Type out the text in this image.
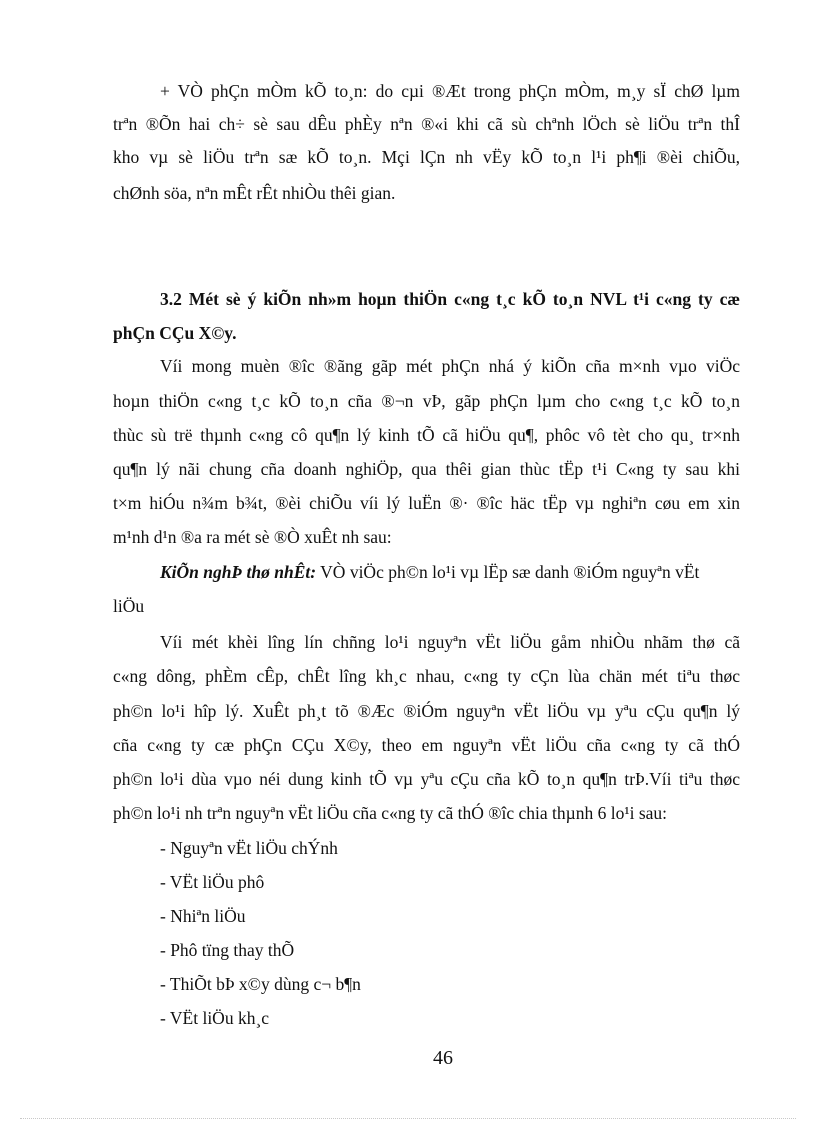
+ VÒ phÇn mÒm kÕ to¸n: do cµi ®Æt trong phÇn mÒm, m¸y sÏ chØ lµm
trªn ®Õn hai ch÷ sè sau dÊu phÈy nªn ®«i khi cã sù chªnh lÖch sè liÖu trªn thÎ
kho vµ sè liÖu trªn sæ kÕ to¸n. Mçi lÇn nh vËy kÕ to¸n l¹i ph¶i ®èi chiÕu,
chØnh söa, nªn mÊt rÊt nhiÒu thêi gian.
3.2 Mét sè ý kiÕn nh»m hoµn thiÖn c«ng t¸c kÕ to¸n NVL t¹i c«ng ty cæ
phÇn CÇu X©y.
Víi mong muèn ®îc ®ãng gãp mét phÇn nhá ý kiÕn cña m×nh vµo viÖc
hoµn thiÖn c«ng t¸c kÕ to¸n cña ®¬n vÞ, gãp phÇn lµm cho c«ng t¸c kÕ to¸n
thùc sù trë thµnh c«ng cô qu¶n lý kinh tÕ cã hiÖu qu¶, phôc vô tèt cho qu¸ tr×nh
qu¶n lý nãi chung cña doanh nghiÖp, qua thêi gian thùc tËp t¹i C«ng ty sau khi
t×m hiÓu n¾m b¾t, ®èi chiÕu víi lý luËn ®· ®îc häc tËp vµ nghiªn cøu em xin
m¹nh d¹n ®a ra mét sè ®Ò xuÊt nh sau:
KiÕn nghÞ thø nhÊt: VÒ viÖc ph©n lo¹i vµ lËp sæ danh ®iÓm nguyªn vËt
liÖu
Víi mét khèi lîng lín chñng lo¹i nguyªn vËt liÖu gåm nhiÒu nhãm thø cã
c«ng dông, phÈm cÊp, chÊt lîng kh¸c nhau, c«ng ty cÇn lùa chän mét tiªu thøc
ph©n lo¹i hîp lý. XuÊt ph¸t tõ ®Æc ®iÓm nguyªn vËt liÖu vµ yªu cÇu qu¶n lý
cña c«ng ty cæ phÇn CÇu X©y, theo em nguyªn vËt liÖu cña c«ng ty cã thÓ
ph©n lo¹i dùa vµo néi dung kinh tÕ vµ yªu cÇu cña kÕ to¸n qu¶n trÞ.Víi tiªu thøc
ph©n lo¹i nh trªn nguyªn vËt liÖu cña c«ng ty cã thÓ ®îc chia thµnh 6 lo¹i sau:
- Nguyªn vËt liÖu chÝnh
- VËt liÖu phô
- Nhiªn liÖu
- Phô tïng thay thÕ
- ThiÕt bÞ x©y dùng c¬ b¶n
- VËt liÖu kh¸c
46
